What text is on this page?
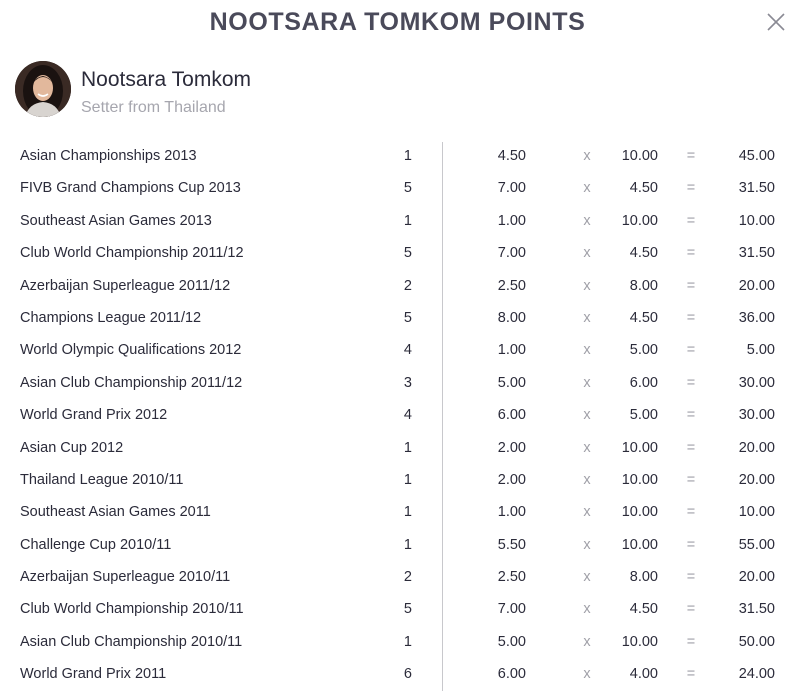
NOOTSARA TOMKOM POINTS
Nootsara Tomkom
Setter from Thailand
Asian Championships 2013	1	4.50	x	10.00 =	45.00
FIVB Grand Champions Cup 2013	5	7.00	x	4.50 =	31.50
Southeast Asian Games 2013	1	1.00	x	10.00 =	10.00
Club World Championship 2011/12	5	7.00	x	4.50 =	31.50
Azerbaijan Superleague 2011/12	2	2.50	x	8.00 =	20.00
Champions League 2011/12	5	8.00	x	4.50 =	36.00
World Olympic Qualifications 2012	4	1.00	x	5.00 =	5.00
Asian Club Championship 2011/12	3	5.00	x	6.00 =	30.00
World Grand Prix 2012	4	6.00	x	5.00 =	30.00
Asian Cup 2012	1	2.00	x	10.00 =	20.00
Thailand League 2010/11	1	2.00	x	10.00 =	20.00
Southeast Asian Games 2011	1	1.00	x	10.00 =	10.00
Challenge Cup 2010/11	1	5.50	x	10.00 =	55.00
Azerbaijan Superleague 2010/11	2	2.50	x	8.00 =	20.00
Club World Championship 2010/11	5	7.00	x	4.50 =	31.50
Asian Club Championship 2010/11	1	5.00	x	10.00 =	50.00
World Grand Prix 2011	6	6.00	x	4.00 =	24.00
